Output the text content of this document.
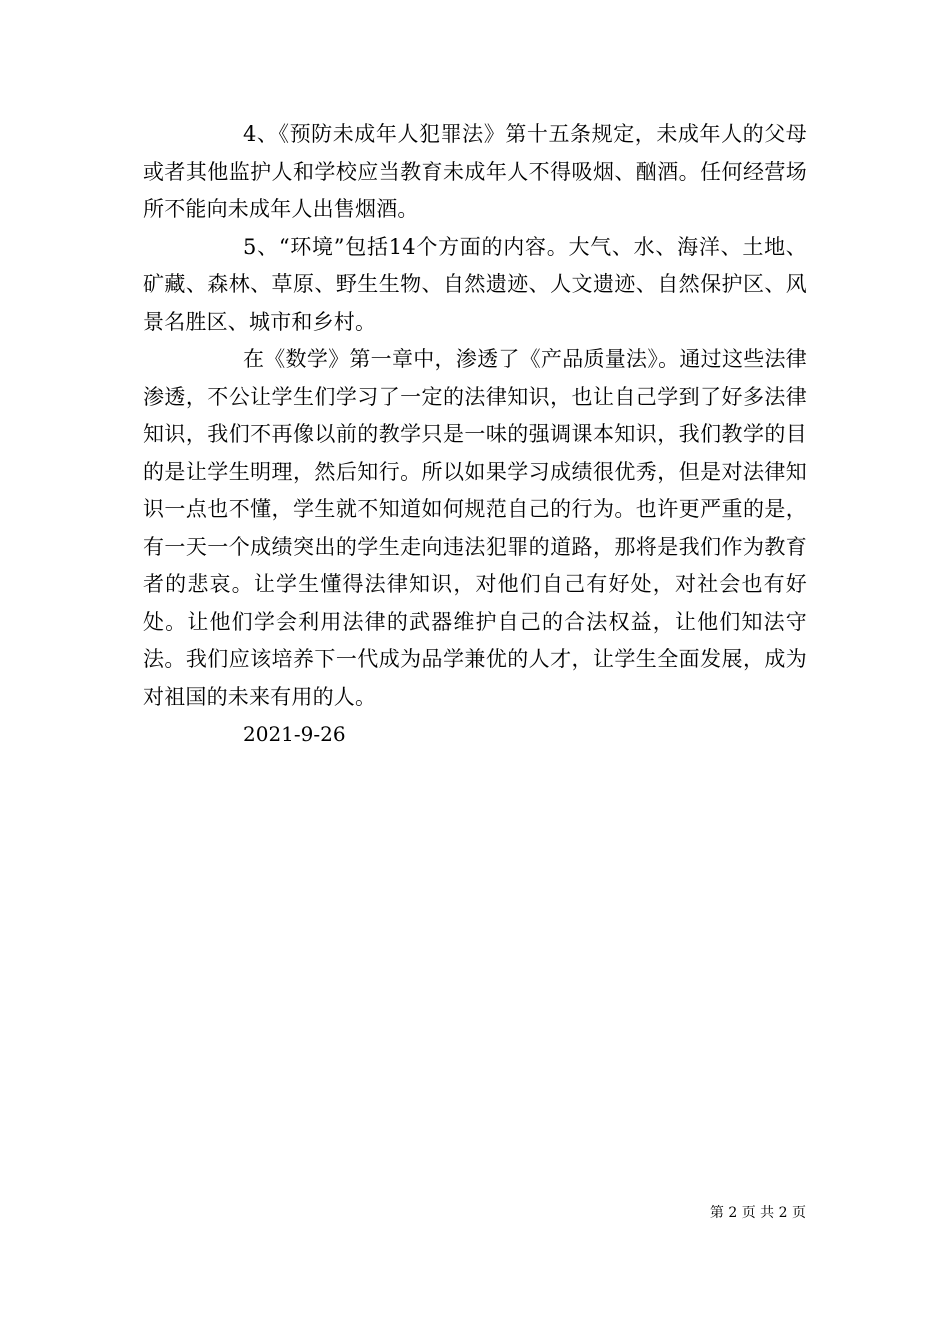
4、《预防未成年人犯罪法》第十五条规定，未成年人的父母或者其他监护人和学校应当教育未成年人不得吸烟、酗酒。任何经营场所不能向未成年人出售烟酒。

5、“环境”包括14个方面的内容。大气、水、海洋、土地、矿藏、森林、草原、野生生物、自然遗迹、人文遗迹、自然保护区、风景名胜区、城市和乡村。

在《数学》第一章中，渗透了《产品质量法》。通过这些法律渗透，不公让学生们学习了一定的法律知识，也让自己学到了好多法律知识，我们不再像以前的教学只是一味的强调课本知识，我们教学的目的是让学生明理，然后知行。所以如果学习成绩很优秀，但是对法律知识一点也不懂，学生就不知道如何规范自己的行为。也许更严重的是，有一天一个成绩突出的学生走向违法犯罪的道路，那将是我们作为教育者的悲哀。让学生懂得法律知识，对他们自己有好处，对社会也有好处。让他们学会利用法律的武器维护自己的合法权益，让他们知法守法。我们应该培养下一代成为品学兼优的人才，让学生全面发展，成为对祖国的未来有用的人。

2021-9-26

第 2 页 共 2 页
